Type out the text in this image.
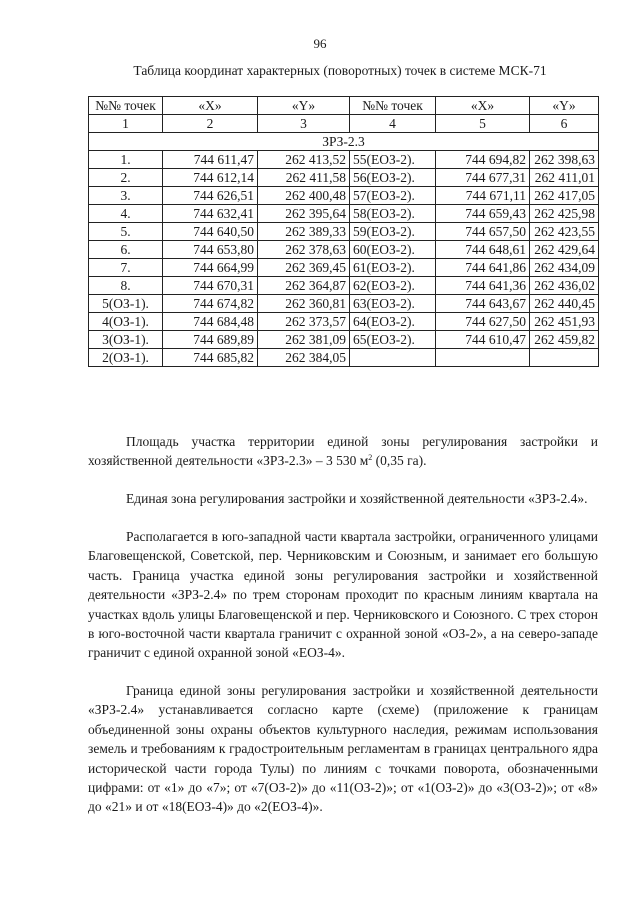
96
Таблица координат характерных (поворотных) точек в системе МСК-71
№№ точек	«X»	«Y»	№№ точек	«X»	«Y»
1	2	3	4	5	6
ЗРЗ-2.3					
1.	744 611,47	262 413,52	55(ЕОЗ-2).	744 694,82	262 398,63
2.	744 612,14	262 411,58	56(ЕОЗ-2).	744 677,31	262 411,01
3.	744 626,51	262 400,48	57(ЕОЗ-2).	744 671,11	262 417,05
4.	744 632,41	262 395,64	58(ЕОЗ-2).	744 659,43	262 425,98
5.	744 640,50	262 389,33	59(ЕОЗ-2).	744 657,50	262 423,55
6.	744 653,80	262 378,63	60(ЕОЗ-2).	744 648,61	262 429,64
7.	744 664,99	262 369,45	61(ЕОЗ-2).	744 641,86	262 434,09
8.	744 670,31	262 364,87	62(ЕОЗ-2).	744 641,36	262 436,02
5(ОЗ-1).	744 674,82	262 360,81	63(ЕОЗ-2).	744 643,67	262 440,45
4(ОЗ-1).	744 684,48	262 373,57	64(ЕОЗ-2).	744 627,50	262 451,93
3(ОЗ-1).	744 689,89	262 381,09	65(ЕОЗ-2).	744 610,47	262 459,82
2(ОЗ-1).	744 685,82	262 384,05			

Площадь участка территории единой зоны регулирования застройки и хозяйственной деятельности «ЗРЗ-2.3» – 3 530 $м^2$ (0,35 га).

Единая зона регулирования застройки и хозяйственной деятельности «ЗРЗ-2.4».

Располагается в юго-западной части квартала застройки, ограниченного улицами Благовещенской, Советской, пер. Черниковским и Союзным, и занимает его большую часть. Граница участка единой зоны регулирования застройки и хозяйственной деятельности «ЗРЗ-2.4» по трем сторонам проходит по красным линиям квартала на участках вдоль улицы Благовещенской и пер. Черниковского и Союзного. С трех сторон в юго-восточной части квартала граничит с охранной зоной «ОЗ-2», а на северо-западе граничит с единой охранной зоной «ЕОЗ-4».

Граница единой зоны регулирования застройки и хозяйственной деятельности «ЗРЗ-2.4» устанавливается согласно карте (схеме) (приложение к границам объединенной зоны охраны объектов культурного наследия, режимам использования земель и требованиям к градостроительным регламентам в границах центрального ядра исторической части города Тулы) по линиям с точками поворота, обозначенными цифрами: от «1» до «7»; от «7(ОЗ-2)» до «11(ОЗ-2)»; от «1(ОЗ-2)» до «3(ОЗ-2)»; от «8» до «21» и от «18(ЕОЗ-4)» до «2(ЕОЗ-4)».
